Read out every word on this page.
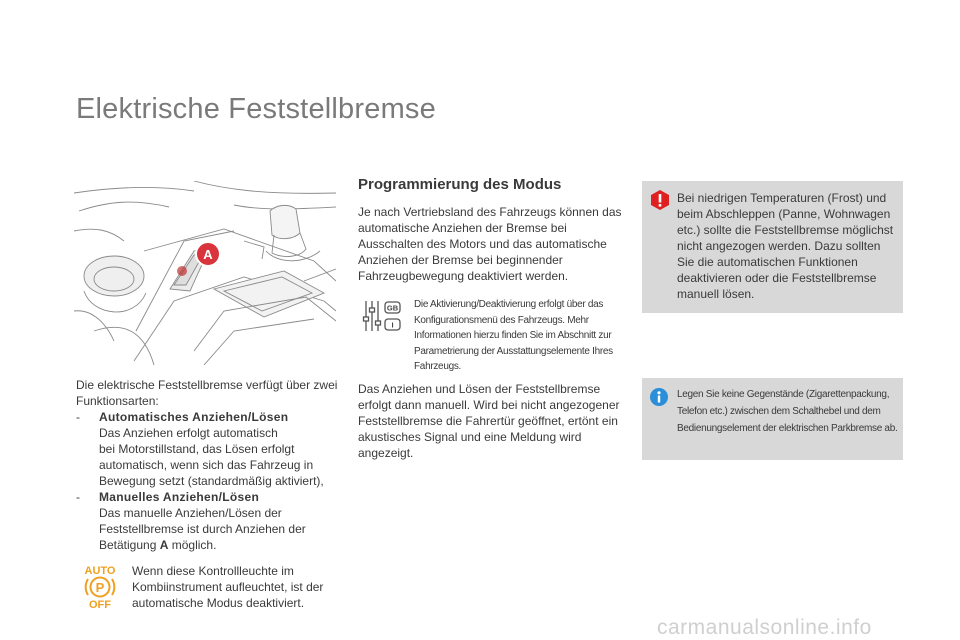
Elektrische Feststellbremse
A

Die elektrische Feststellbremse verfügt über zwei Funktionsarten:

- Automatisches Anziehen/Lösen
Das Anziehen erfolgt automatisch
bei Motorstillstand, das Lösen erfolgt
automatisch, wenn sich das Fahrzeug in
Bewegung setzt (standardmäßig aktiviert),
- Manuelles Anziehen/Lösen
Das manuelle Anziehen/Lösen der
Feststellbremse ist durch Anziehen der
Betätigung A möglich.
AUTO
P
OFF
Wenn diese Kontrollleuchte im Kombiinstrument aufleuchtet, ist der automatische Modus deaktiviert.
Programmierung des Modus

Je nach Vertriebsland des Fahrzeugs können das automatische Anziehen der Bremse bei Ausschalten des Motors und das automatische Anziehen der Bremse bei beginnender Fahrzeugbewegung deaktiviert werden.

GB
I
Die Aktivierung/Deaktivierung erfolgt über das Konfigurationsmenü des Fahrzeugs. Mehr Informationen hierzu finden Sie im Abschnitt zur Parametrierung der Ausstattungselemente Ihres Fahrzeugs.

Das Anziehen und Lösen der Feststellbremse erfolgt dann manuell. Wird bei nicht angezogener Feststellbremse die Fahrertür geöffnet, ertönt ein akustisches Signal und eine Meldung wird angezeigt.

Bei niedrigen Temperaturen (Frost) und beim Abschleppen (Panne, Wohnwagen etc.) sollte die Feststellbremse möglichst nicht angezogen werden. Dazu sollten Sie die automatischen Funktionen deaktivieren oder die Feststellbremse manuell lösen.
Legen Sie keine Gegenstände (Zigarettenpackung, Telefon etc.) zwischen dem Schalthebel und dem Bedienungselement der elektrischen Parkbremse ab.
carmanualsonline.info
